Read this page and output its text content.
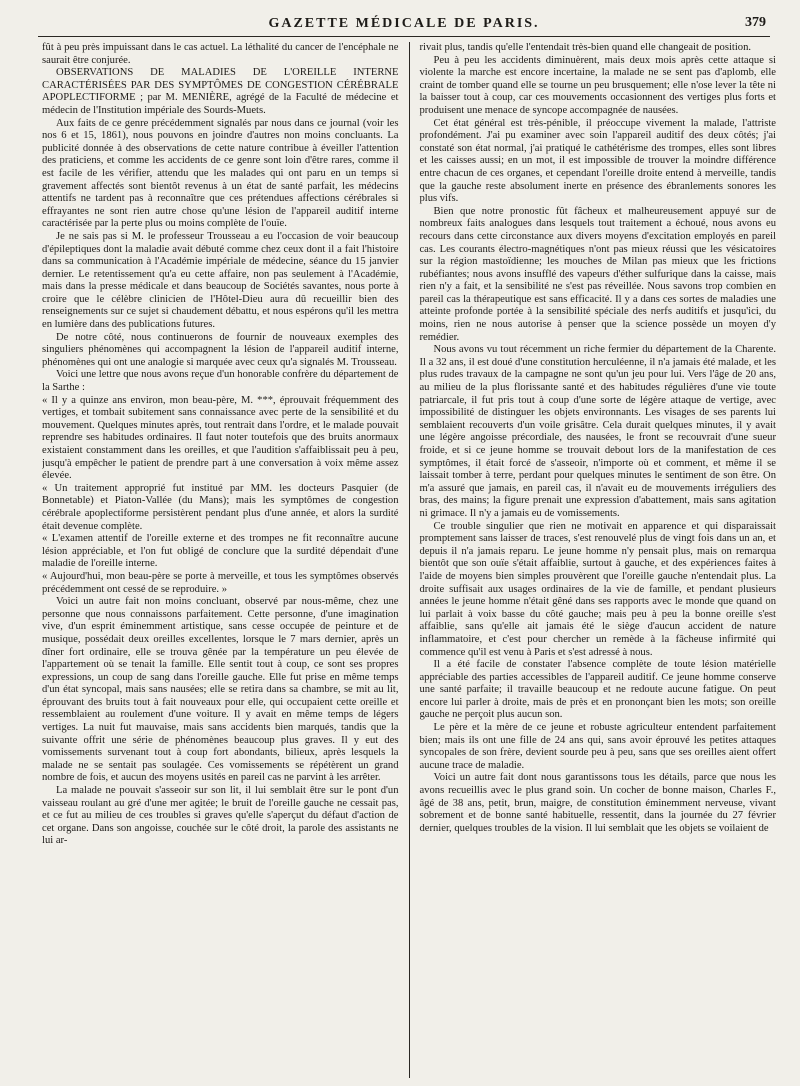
GAZETTE MÉDICALE DE PARIS.	379

fût à peu près impuissant dans le cas actuel. La léthalité du cancer de l'encéphale ne saurait être conjurée.

OBSERVATIONS DE MALADIES DE L'OREILLE INTERNE CARACTÉRISÉES PAR DES SYMPTÔMES DE CONGESTION CÉRÉBRALE APOPLECTIFORME ; par M. MENIÈRE, agrégé de la Faculté de médecine et médecin de l'Institution impériale des Sourds-Muets.

Aux faits de ce genre précédemment signalés par nous dans ce journal (voir les nos 6 et 15, 1861), nous pouvons en joindre d'autres non moins concluants. La publicité donnée à des observations de cette nature contribue à éveiller l'attention des praticiens, et comme les accidents de ce genre sont loin d'être rares, comme il est facile de les vérifier, attendu que les malades qui ont paru en un temps si gravement affectés sont bientôt revenus à un état de santé parfait, les médecins attentifs ne tardent pas à reconnaître que ces prétendues affections cérébrales si effrayantes ne sont rien autre chose qu'une lésion de l'appareil auditif interne caractérisée par la perte plus ou moins complète de l'ouïe.

Je ne sais pas si M. le professeur Trousseau a eu l'occasion de voir beaucoup d'épileptiques dont la maladie avait débuté comme chez ceux dont il a fait l'histoire dans sa communication à l'Académie impériale de médecine, séance du 15 janvier dernier. Le retentissement qu'a eu cette affaire, non pas seulement à l'Académie, mais dans la presse médicale et dans beaucoup de Sociétés savantes, nous porte à croire que le célèbre clinicien de l'Hôtel-Dieu aura dû recueillir bien des renseignements sur ce sujet si chaudement débattu, et nous espérons qu'il les mettra en lumière dans des publications futures.

De notre côté, nous continuerons de fournir de nouveaux exemples des singuliers phénomènes qui accompagnent la lésion de l'appareil auditif interne, phénomènes qui ont une analogie si marquée avec ceux qu'a signalés M. Trousseau.

Voici une lettre que nous avons reçue d'un honorable confrère du département de la Sarthe :

« Il y a quinze ans environ, mon beau-père, M. ***, éprouvait fréquemment des vertiges, et tombait subitement sans connaissance avec perte de la sensibilité et du mouvement. Quelques minutes après, tout rentrait dans l'ordre, et le malade pouvait reprendre ses habitudes ordinaires. Il faut noter toutefois que des bruits anormaux existaient constamment dans les oreilles, et que l'audition s'affaiblissait peu à peu, jusqu'à empêcher le patient de prendre part à une conversation à voix même assez élevée.

« Un traitement approprié fut institué par MM. les docteurs Pasquier (de Bonnetable) et Piaton-Vallée (du Mans); mais les symptômes de congestion cérébrale apoplectiforme persistèrent pendant plus d'une année, et alors la surdité était devenue complète.

« L'examen attentif de l'oreille externe et des trompes ne fit reconnaître aucune lésion appréciable, et l'on fut obligé de conclure que la surdité dépendait d'une maladie de l'oreille interne.

« Aujourd'hui, mon beau-père se porte à merveille, et tous les symptômes observés précédemment ont cessé de se reproduire. »

Voici un autre fait non moins concluant, observé par nous-même, chez une personne que nous connaissons parfaitement. Cette personne, d'une imagination vive, d'un esprit éminemment artistique, sans cesse occupée de peinture et de musique, possédait deux oreilles excellentes, lorsque le 7 mars dernier, après un dîner fort ordinaire, elle se trouva gênée par la température un peu élevée de l'appartement où se tenait la famille. Elle sentit tout à coup, ce sont ses propres expressions, un coup de sang dans l'oreille gauche. Elle fut prise en même temps d'un état syncopal, mais sans nausées; elle se retira dans sa chambre, se mit au lit, éprouvant des bruits tout à fait nouveaux pour elle, qui occupaient cette oreille et ressemblaient au roulement d'une voiture. Il y avait en même temps de légers vertiges. La nuit fut mauvaise, mais sans accidents bien marqués, tandis que la suivante offrit une série de phénomènes beaucoup plus graves. Il y eut des vomissements survenant tout à coup fort abondants, bilieux, après lesquels la malade ne se sentait pas soulagée. Ces vomissements se répétèrent un grand nombre de fois, et aucun des moyens usités en pareil cas ne parvint à les arrêter.

La malade ne pouvait s'asseoir sur son lit, il lui semblait être sur le pont d'un vaisseau roulant au gré d'une mer agitée; le bruit de l'oreille gauche ne cessait pas, et ce fut au milieu de ces troubles si graves qu'elle s'aperçut du défaut d'action de cet organe. Dans son angoisse, couchée sur le côté droit, la parole des assistants ne lui ar-

rivait plus, tandis qu'elle l'entendait très-bien quand elle changeait de position.

Peu à peu les accidents diminuèrent, mais deux mois après cette attaque si violente la marche est encore incertaine, la malade ne se sent pas d'aplomb, elle craint de tomber quand elle se tourne un peu brusquement; elle n'ose lever la tête ni la baisser tout à coup, car ces mouvements occasionnent des vertiges plus forts et produisent une menace de syncope accompagnée de nausées.

Cet état général est très-pénible, il préoccupe vivement la malade, l'attriste profondément. J'ai pu examiner avec soin l'appareil auditif des deux côtés; j'ai constaté son état normal, j'ai pratiqué le cathétérisme des trompes, elles sont libres et les caisses aussi; en un mot, il est impossible de trouver la moindre différence entre chacun de ces organes, et cependant l'oreille droite entend à merveille, tandis que la gauche reste absolument inerte en présence des ébranlements sonores les plus vifs.

Bien que notre pronostic fût fâcheux et malheureusement appuyé sur de nombreux faits analogues dans lesquels tout traitement a échoué, nous avons eu recours dans cette circonstance aux divers moyens d'excitation employés en pareil cas. Les courants électro-magnétiques n'ont pas mieux réussi que les vésicatoires sur la région mastoïdienne; les mouches de Milan pas mieux que les frictions rubéfiantes; nous avons insufflé des vapeurs d'éther sulfurique dans la caisse, mais rien n'y a fait, et la sensibilité ne s'est pas réveillée. Nous savons trop combien en pareil cas la thérapeutique est sans efficacité. Il y a dans ces sortes de maladies une atteinte profonde portée à la sensibilité spéciale des nerfs auditifs et jusqu'ici, du moins, rien ne nous autorise à penser que la science possède un moyen d'y remédier.

Nous avons vu tout récemment un riche fermier du département de la Charente. Il a 32 ans, il est doué d'une constitution herculéenne, il n'a jamais été malade, et les plus rudes travaux de la campagne ne sont qu'un jeu pour lui. Vers l'âge de 20 ans, au milieu de la plus florissante santé et des habitudes régulières d'une vie toute patriarcale, il fut pris tout à coup d'une sorte de légère attaque de vertige, avec impossibilité de distinguer les objets environnants. Les visages de ses parents lui semblaient recouverts d'un voile grisâtre. Cela durait quelques minutes, il y avait une légère angoisse précordiale, des nausées, le front se recouvrait d'une sueur froide, et si ce jeune homme se trouvait debout lors de la manifestation de ces symptômes, il était forcé de s'asseoir, n'importe où et comment, et même il se laissait tomber à terre, perdant pour quelques minutes le sentiment de son être. On m'a assuré que jamais, en pareil cas, il n'avait eu de mouvements irréguliers des bras, des mains; la figure prenait une expression d'abattement, mais sans agitation ni grimace. Il n'y a jamais eu de vomissements.

Ce trouble singulier que rien ne motivait en apparence et qui disparaissait promptement sans laisser de traces, s'est renouvelé plus de vingt fois dans un an, et depuis il n'a jamais reparu. Le jeune homme n'y pensait plus, mais on remarqua bientôt que son ouïe s'était affaiblie, surtout à gauche, et des expériences faites à l'aide de moyens bien simples prouvèrent que l'oreille gauche n'entendait plus. La droite suffisait aux usages ordinaires de la vie de famille, et pendant plusieurs années le jeune homme n'était gêné dans ses rapports avec le monde que quand on lui parlait à voix basse du côté gauche; mais peu à peu la bonne oreille s'est affaiblie, sans qu'elle ait jamais été le siège d'aucun accident de nature inflammatoire, et c'est pour chercher un remède à la fâcheuse infirmité qui commence qu'il est venu à Paris et s'est adressé à nous.

Il a été facile de constater l'absence complète de toute lésion matérielle appréciable des parties accessibles de l'appareil auditif. Ce jeune homme conserve une santé parfaite; il travaille beaucoup et ne redoute aucune fatigue. On peut encore lui parler à droite, mais de près et en prononçant bien les mots; son oreille gauche ne perçoit plus aucun son.

Le père et la mère de ce jeune et robuste agriculteur entendent parfaitement bien; mais ils ont une fille de 24 ans qui, sans avoir éprouvé les petites attaques syncopales de son frère, devient sourde peu à peu, sans que ses oreilles aient offert aucune trace de maladie.

Voici un autre fait dont nous garantissons tous les détails, parce que nous les avons recueillis avec le plus grand soin. Un cocher de bonne maison, Charles F., âgé de 38 ans, petit, brun, maigre, de constitution éminemment nerveuse, vivant sobrement et de bonne santé habituelle, ressentit, dans la journée du 27 février dernier, quelques troubles de la vision. Il lui semblait que les objets se voilaient de
